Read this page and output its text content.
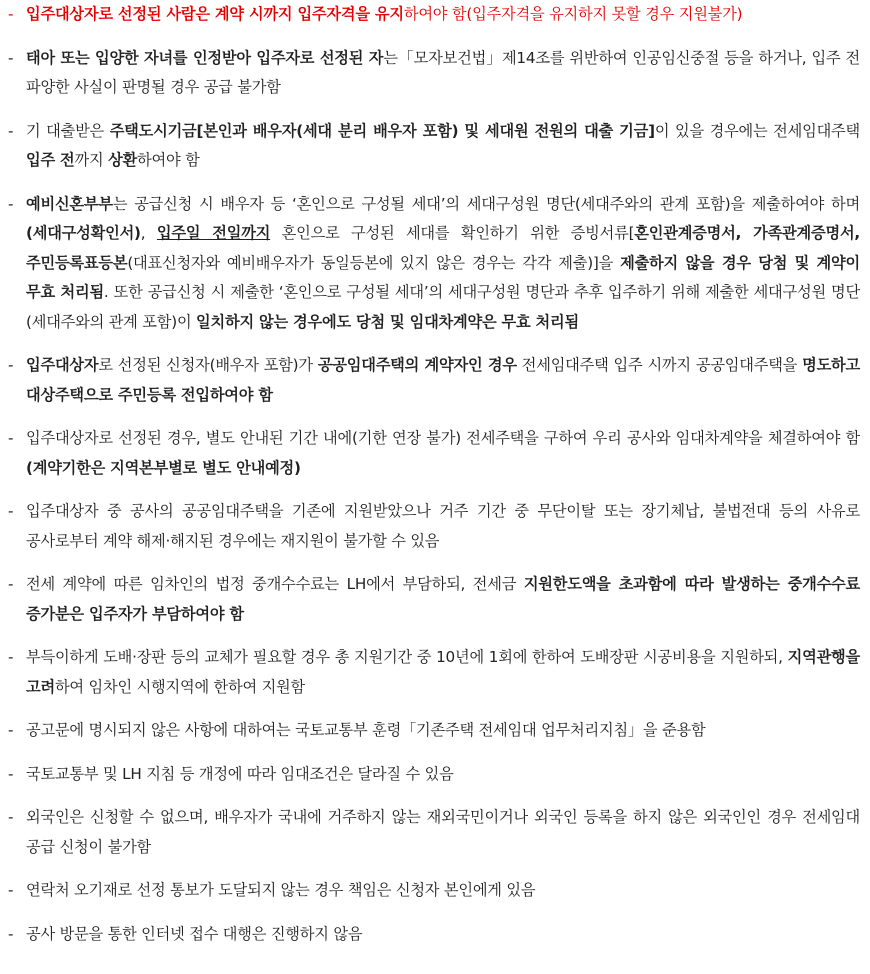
- 입주대상자로 선정된 사람은 계약 시까지 입주자격을 유지하여야 함(입주자격을 유지하지 못할 경우 지원불가)
- 태아 또는 입양한 자녀를 인정받아 입주자로 선정된 자는「모자보건법」제14조를 위반하여 인공임신중절 등을 하거나, 입주 전 파양한 사실이 판명될 경우 공급 불가함
- 기 대출받은 주택도시기금[본인과 배우자(세대 분리 배우자 포함) 및 세대원 전원의 대출 기금]이 있을 경우에는 전세임대주택 입주 전까지 상환하여야 함
- 예비신혼부부는 공급신청 시 배우자 등 ‘혼인으로 구성될 세대’의 세대구성원 명단(세대주와의 관계 포함)을 제출하여야 하며(세대구성확인서), 입주일 전일까지 혼인으로 구성된 세대를 확인하기 위한 증빙서류[혼인관계증명서, 가족관계증명서, 주민등록표등본(대표신청자와 예비배우자가 동일등본에 있지 않은 경우는 각각 제출)]을 제출하지 않을 경우 당첨 및 계약이 무효 처리됨. 또한 공급신청 시 제출한 ‘혼인으로 구성될 세대’의 세대구성원 명단과 추후 입주하기 위해 제출한 세대구성원 명단(세대주와의 관계 포함)이 일치하지 않는 경우에도 당첨 및 임대차계약은 무효 처리됨
- 입주대상자로 선정된 신청자(배우자 포함)가 공공임대주택의 계약자인 경우 전세임대주택 입주 시까지 공공임대주택을 명도하고 대상주택으로 주민등록 전입하여야 함
- 입주대상자로 선정된 경우, 별도 안내된 기간 내에(기한 연장 불가) 전세주택을 구하여 우리 공사와 임대차계약을 체결하여야 함(계약기한은 지역본부별로 별도 안내예정)
- 입주대상자 중 공사의 공공임대주택을 기존에 지원받았으나 거주 기간 중 무단이탈 또는 장기체납, 불법전대 등의 사유로 공사로부터 계약 해제·해지된 경우에는 재지원이 불가할 수 있음
- 전세 계약에 따른 임차인의 법정 중개수수료는 LH에서 부담하되, 전세금 지원한도액을 초과함에 따라 발생하는 중개수수료 증가분은 입주자가 부담하여야 함
- 부득이하게 도배·장판 등의 교체가 필요할 경우 총 지원기간 중 10년에 1회에 한하여 도배장판 시공비용을 지원하되, 지역관행을 고려하여 임차인 시행지역에 한하여 지원함
- 공고문에 명시되지 않은 사항에 대하여는 국토교통부 훈령「기존주택 전세임대 업무처리지침」을 준용함
- 국토교통부 및 LH 지침 등 개정에 따라 임대조건은 달라질 수 있음
- 외국인은 신청할 수 없으며, 배우자가 국내에 거주하지 않는 재외국민이거나 외국인 등록을 하지 않은 외국인인 경우 전세임대 공급 신청이 불가함
- 연락처 오기재로 선정 통보가 도달되지 않는 경우 책임은 신청자 본인에게 있음
- 공사 방문을 통한 인터넷 접수 대행은 진행하지 않음
